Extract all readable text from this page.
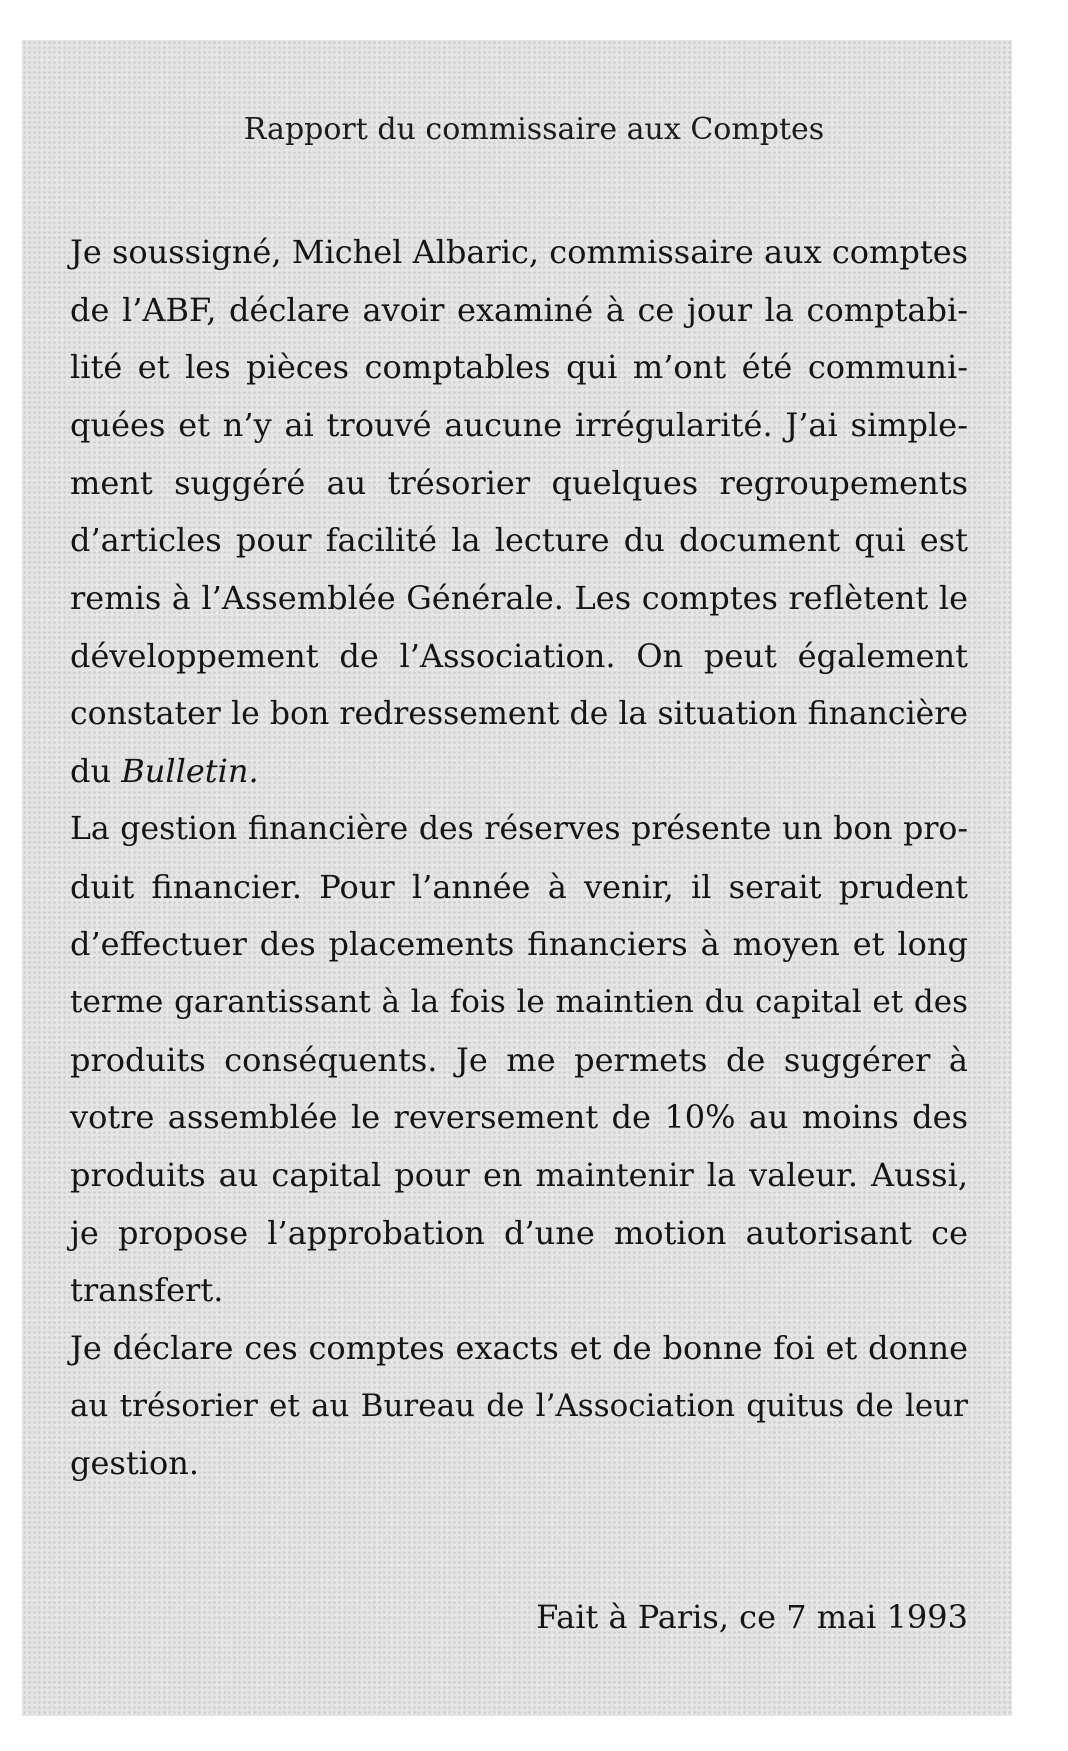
Rapport du commissaire aux Comptes
Je soussigné, Michel Albaric, commissaire aux comptes
de l’ABF, déclare avoir examiné à ce jour la comptabi-
lité et les pièces comptables qui m’ont été communi-
quées et n’y ai trouvé aucune irrégularité. J’ai simple-
ment suggéré au trésorier quelques regroupements
d’articles pour facilité la lecture du document qui est
remis à l’Assemblée Générale. Les comptes reflètent le
développement de l’Association. On peut également
constater le bon redressement de la situation financière
du Bulletin.
La gestion financière des réserves présente un bon pro-
duit financier. Pour l’année à venir, il serait prudent
d’effectuer des placements financiers à moyen et long
terme garantissant à la fois le maintien du capital et des
produits conséquents. Je me permets de suggérer à
votre assemblée le reversement de 10% au moins des
produits au capital pour en maintenir la valeur. Aussi,
je propose l’approbation d’une motion autorisant ce
transfert.
Je déclare ces comptes exacts et de bonne foi et donne
au trésorier et au Bureau de l’Association quitus de leur
gestion.
Fait à Paris, ce 7 mai 1993
